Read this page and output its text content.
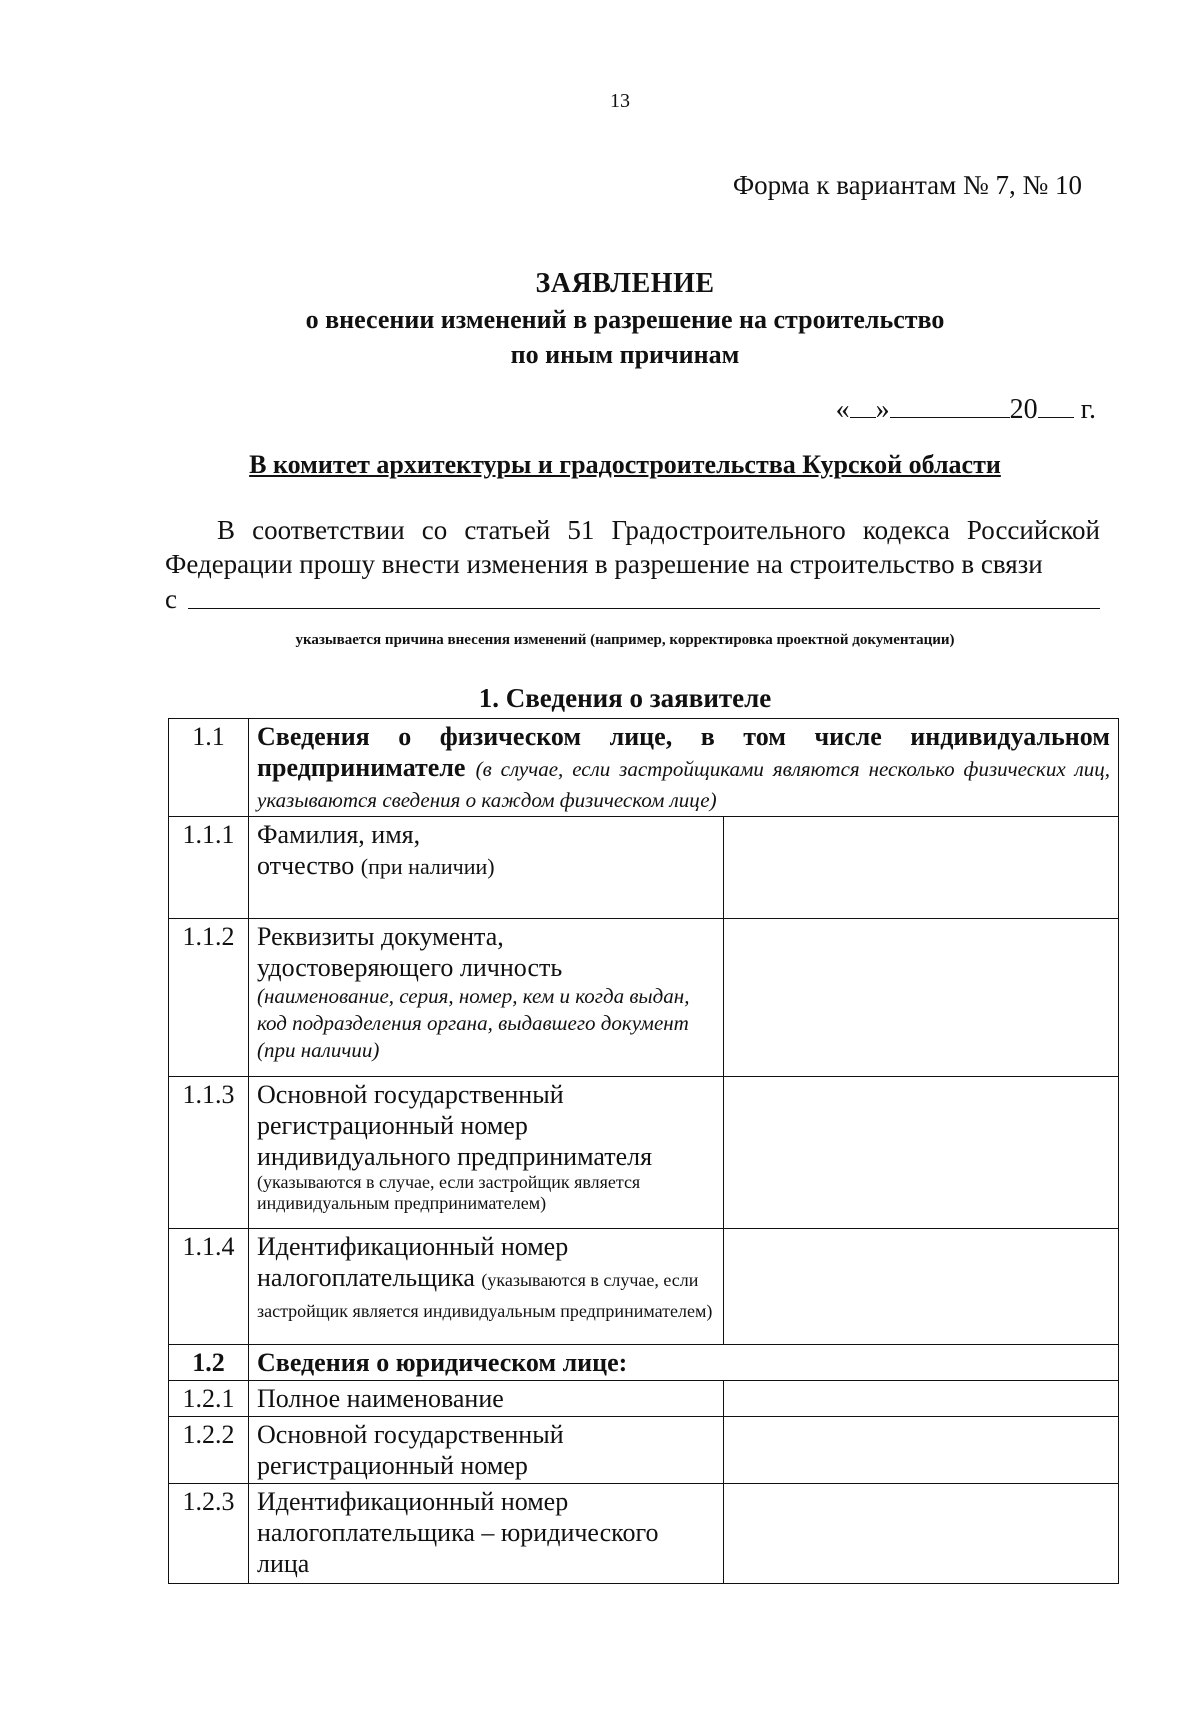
13
Форма к вариантам № 7, № 10
ЗАЯВЛЕНИЕ
о внесении изменений в разрешение на строительство
по иным причинам
« »	20 г.
В комитет архитектуры и градостроительства Курской области
В соответствии со статьей 51 Градостроительного кодекса Российской Федерации прошу внести изменения в разрешение на строительство в связи
с
указывается причина внесения изменений (например, корректировка проектной документации)
1. Сведения о заявителе
1.1	Сведения о физическом лице, в том числе индивидуальном предпринимателе (в случае, если застройщиками являются несколько физических лиц, указываются сведения о каждом физическом лице)	
1.1.1	Фамилия, имя,
отчество (при наличии)	

1.1.2	Реквизиты документа,
удостоверяющего личность
(наименование, серия, номер, кем и когда выдан, код подразделения органа, выдавшего документ (при наличии)	

1.1.3	Основной государственный регистрационный номер индивидуального предпринимателя
(указываются в случае, если застройщик является индивидуальным предпринимателем)	

1.1.4	Идентификационный номер налогоплательщика (указываются в случае, если застройщик является индивидуальным предпринимателем)	
1.2	Сведения о юридическом лице:	
1.2.1	Полное наименование	
1.2.2	Основной государственный регистрационный номер	
1.2.3	Идентификационный номер налогоплательщика – юридического лица	
